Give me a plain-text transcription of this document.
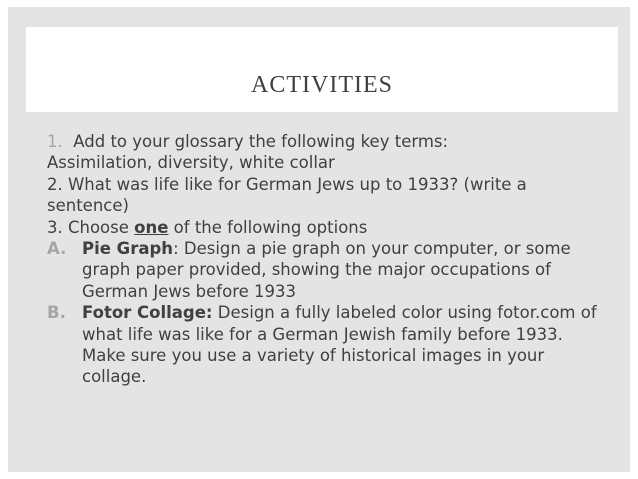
ACTIVITIES

1. Add to your glossary the following key terms:

Assimilation, diversity, white collar

2. What was life like for German Jews up to 1933? (write a sentence)

3. Choose one of the following options

A. Pie Graph: Design a pie graph on your computer, or some graph paper provided, showing the major occupations of German Jews before 1933
B. Fotor Collage: Design a fully labeled color using fotor.com of what life was like for a German Jewish family before 1933. Make sure you use a variety of historical images in your collage.
